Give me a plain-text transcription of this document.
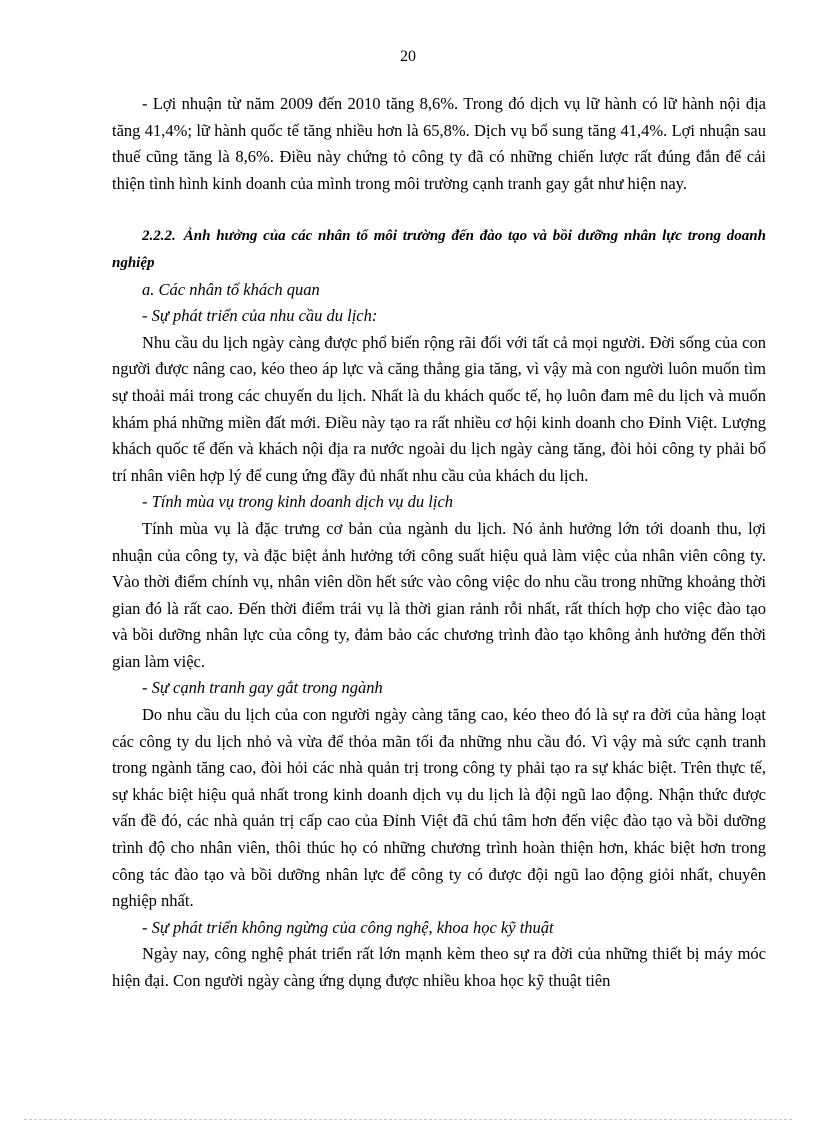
20

- Lợi nhuận từ năm 2009 đến 2010 tăng 8,6%. Trong đó dịch vụ lữ hành có lữ hành nội địa tăng 41,4%; lữ hành quốc tế tăng nhiều hơn là 65,8%. Dịch vụ bổ sung tăng 41,4%. Lợi nhuận sau thuế cũng tăng là 8,6%. Điều này chứng tỏ công ty đã có những chiến lược rất đúng đắn để cải thiện tình hình kinh doanh của mình trong môi trường cạnh tranh gay gắt như hiện nay.

2.2.2. Ảnh hưởng của các nhân tố môi trường đến đào tạo và bồi dưỡng nhân lực trong doanh nghiệp

a. Các nhân tố khách quan

- Sự phát triển của nhu cầu du lịch:

Nhu cầu du lịch ngày càng được phổ biến rộng rãi đối với tất cả mọi người. Đời sống của con người được nâng cao, kéo theo áp lực và căng thẳng gia tăng, vì vậy mà con người luôn muốn tìm sự thoải mái trong các chuyến du lịch. Nhất là du khách quốc tế, họ luôn đam mê du lịch và muốn khám phá những miền đất mới. Điều này tạo ra rất nhiều cơ hội kinh doanh cho Đỉnh Việt. Lượng khách quốc tế đến và khách nội địa ra nước ngoài du lịch ngày càng tăng, đòi hỏi công ty phải bố trí nhân viên hợp lý để cung ứng đầy đủ nhất nhu cầu của khách du lịch.

- Tính mùa vụ trong kinh doanh dịch vụ du lịch

Tính mùa vụ là đặc trưng cơ bản của ngành du lịch. Nó ảnh hưởng lớn tới doanh thu, lợi nhuận của công ty, và đặc biệt ảnh hưởng tới công suất hiệu quả làm việc của nhân viên công ty. Vào thời điểm chính vụ, nhân viên dồn hết sức vào công việc do nhu cầu trong những khoảng thời gian đó là rất cao. Đến thời điểm trái vụ là thời gian rảnh rỗi nhất, rất thích hợp cho việc đào tạo và bồi dưỡng nhân lực của công ty, đảm bảo các chương trình đào tạo không ảnh hưởng đến thời gian làm việc.

- Sự cạnh tranh gay gắt trong ngành

Do nhu cầu du lịch của con người ngày càng tăng cao, kéo theo đó là sự ra đời của hàng loạt các công ty du lịch nhỏ và vừa để thỏa mãn tối đa những nhu cầu đó. Vì vậy mà sức cạnh tranh trong ngành tăng cao, đòi hỏi các nhà quản trị trong công ty phải tạo ra sự khác biệt. Trên thực tế, sự khác biệt hiệu quả nhất trong kinh doanh dịch vụ du lịch là đội ngũ lao động. Nhận thức được vấn đề đó, các nhà quản trị cấp cao của Đỉnh Việt đã chú tâm hơn đến việc đào tạo và bồi dưỡng trình độ cho nhân viên, thôi thúc họ có những chương trình hoàn thiện hơn, khác biệt hơn trong công tác đào tạo và bồi dưỡng nhân lực để công ty có được đội ngũ lao động giỏi nhất, chuyên nghiệp nhất.

- Sự phát triển không ngừng của công nghệ, khoa học kỹ thuật

Ngày nay, công nghệ phát triển rất lớn mạnh kèm theo sự ra đời của những thiết bị máy móc hiện đại. Con người ngày càng ứng dụng được nhiều khoa học kỹ thuật tiên
